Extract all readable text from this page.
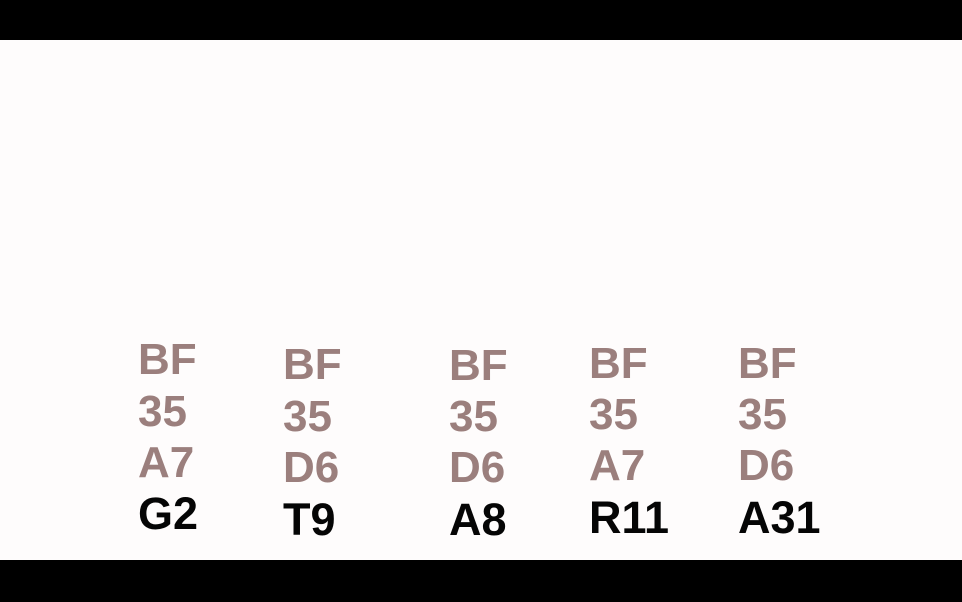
BF
35
A7
G2
BF
35
D6
T9
BF
35
D6
A8
BF
35
A7
R11
BF
35
D6
A31
